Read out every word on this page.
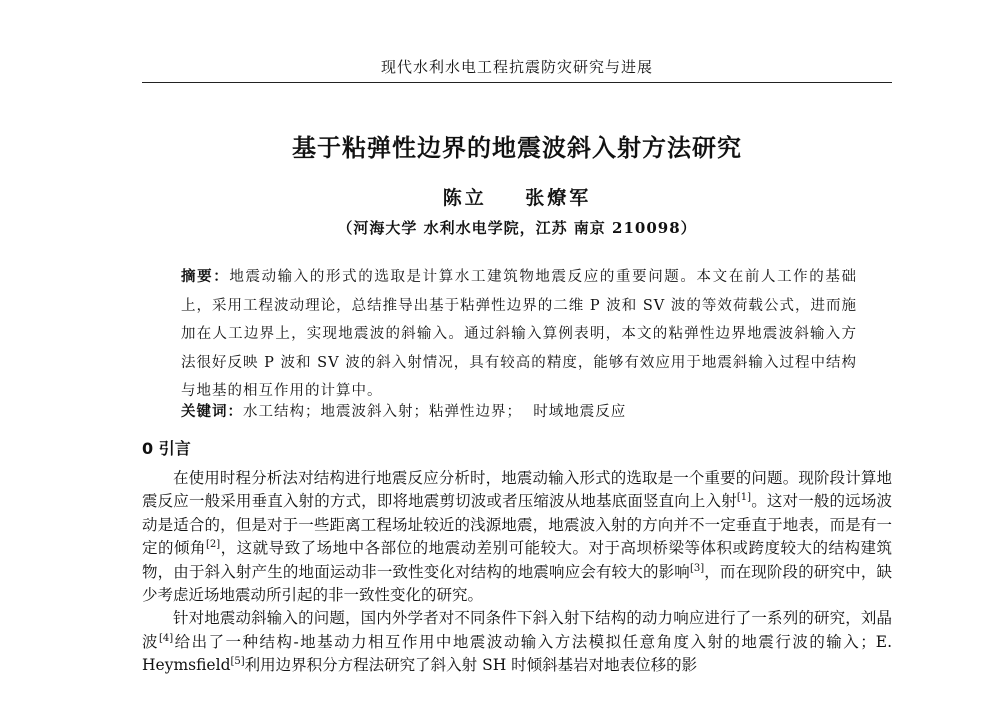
现代水利水电工程抗震防灾研究与进展
基于粘弹性边界的地震波斜入射方法研究
陈立    张燎军
（河海大学 水利水电学院，江苏 南京 210098）
摘要：地震动输入的形式的选取是计算水工建筑物地震反应的重要问题。本文在前人工作的基础上，采用工程波动理论，总结推导出基于粘弹性边界的二维 P 波和 SV 波的等效荷载公式，进而施加在人工边界上，实现地震波的斜输入。通过斜输入算例表明，本文的粘弹性边界地震波斜输入方法很好反映 P 波和 SV 波的斜入射情况，具有较高的精度，能够有效应用于地震斜输入过程中结构与地基的相互作用的计算中。
关键词：水工结构；地震波斜入射；粘弹性边界；  时域地震反应
0 引言

在使用时程分析法对结构进行地震反应分析时，地震动输入形式的选取是一个重要的问题。现阶段计算地震反应一般采用垂直入射的方式，即将地震剪切波或者压缩波从地基底面竖直向上入射[1]。这对一般的远场波动是适合的，但是对于一些距离工程场址较近的浅源地震，地震波入射的方向并不一定垂直于地表，而是有一定的倾角[2]，这就导致了场地中各部位的地震动差别可能较大。对于高坝桥梁等体积或跨度较大的结构建筑物，由于斜入射产生的地面运动非一致性变化对结构的地震响应会有较大的影响[3]，而在现阶段的研究中，缺少考虑近场地震动所引起的非一致性变化的研究。

针对地震动斜输入的问题，国内外学者对不同条件下斜入射下结构的动力响应进行了一系列的研究，刘晶波[4]给出了一种结构-地基动力相互作用中地震波动输入方法模拟任意角度入射的地震行波的输入；E. Heymsfield[5]利用边界积分方程法研究了斜入射 SH 时倾斜基岩对地表位移的影
